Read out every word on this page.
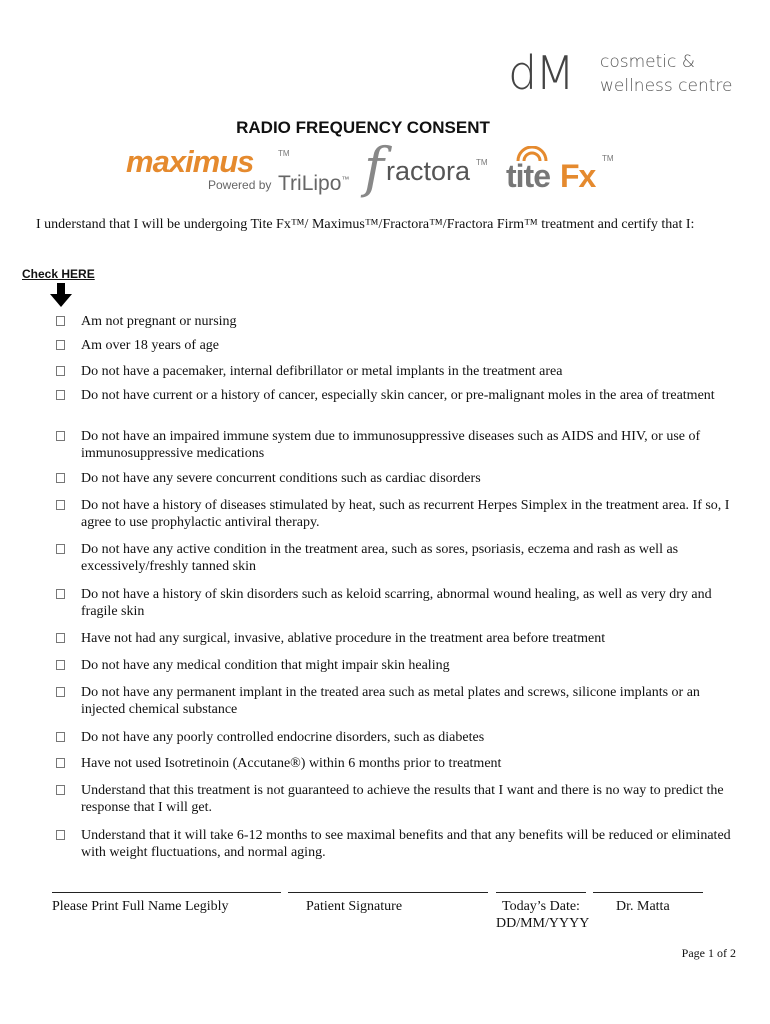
dM cosmetic &
wellness centre
RADIO FREQUENCY CONSENT
maximus	TM
Powered by TriLipo™ f ractora TM tite Fx TM
I understand that I will be undergoing Tite Fx™/ Maximus™/Fractora™/Fractora Firm™ treatment and certify that I:
Check HERE
Am not pregnant or nursing
Am over 18 years of age
Do not have a pacemaker, internal defibrillator or metal implants in the treatment area
Do not have current or a history of cancer, especially skin cancer, or pre-malignant moles in the area of treatment
Do not have an impaired immune system due to immunosuppressive diseases such as AIDS and HIV, or use of immunosuppressive medications
Do not have any severe concurrent conditions such as cardiac disorders
Do not have a history of diseases stimulated by heat, such as recurrent Herpes Simplex in the treatment area. If so, I agree to use prophylactic antiviral therapy.
Do not have any active condition in the treatment area, such as sores, psoriasis, eczema and rash as well as excessively/freshly tanned skin
Do not have a history of skin disorders such as keloid scarring, abnormal wound healing, as well as very dry and fragile skin
Have not had any surgical, invasive, ablative procedure in the treatment area before treatment
Do not have any medical condition that might impair skin healing
Do not have any permanent implant in the treated area such as metal plates and screws, silicone implants or an injected chemical substance
Do not have any poorly controlled endocrine disorders, such as diabetes
Have not used Isotretinoin (Accutane®) within 6 months prior to treatment
Understand that this treatment is not guaranteed to achieve the results that I want and there is no way to predict the response that I will get.
Understand that it will take 6-12 months to see maximal benefits and that any benefits will be reduced or eliminated with weight fluctuations, and normal aging.
Please Print Full Name Legibly	Patient Signature	Today’s Date:
DD/MM/YYYY
Dr. Matta
Page 1 of 2
